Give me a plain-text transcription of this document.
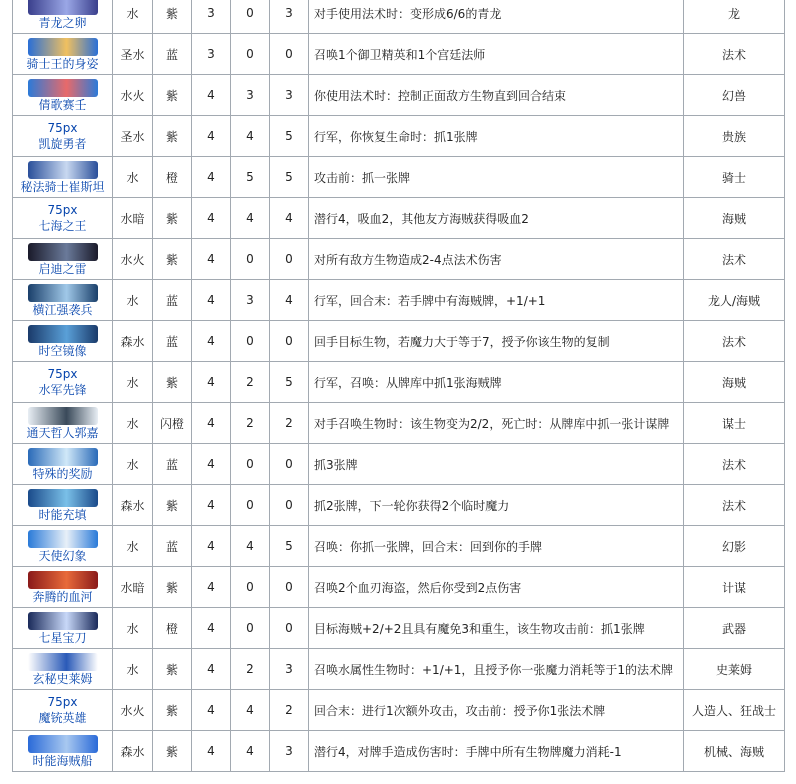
青龙之卵	水	紫	3	0	3	对手使用法术时：变形成6/6的青龙	龙

骑士王的身姿	圣水	蓝	3	0	0	召唤1个御卫精英和1个宫廷法师	法术

倩歌赛壬	水火	紫	4	3	3	你使用法术时：控制正面敌方生物直到回合结束	幻兽

75px
凯旋勇者	圣水	紫	4	4	5	行军，你恢复生命时：抓1张牌	贵族

秘法骑士崔斯坦	水	橙	4	5	5	攻击前：抓一张牌	骑士

75px
七海之王	水暗	紫	4	4	4	潜行4，吸血2，其他友方海贼获得吸血2	海贼

启迪之雷	水火	紫	4	0	0	对所有敌方生物造成2-4点法术伤害	法术

横江强袭兵	水	蓝	4	3	4	行军，回合末：若手牌中有海贼牌，+1/+1	龙人/海贼

时空镜像	森水	蓝	4	0	0	回手目标生物，若魔力大于等于7，授予你该生物的复制	法术

75px
水军先锋	水	紫	4	2	5	行军，召唤：从牌库中抓1张海贼牌	海贼

通天哲人郭嘉	水	闪橙	4	2	2	对手召唤生物时：该生物变为2/2，死亡时：从牌库中抓一张计谋牌	谋士

特殊的奖励	水	蓝	4	0	0	抓3张牌	法术

时能充填	森水	紫	4	0	0	抓2张牌，下一轮你获得2个临时魔力	法术

天使幻象	水	蓝	4	4	5	召唤：你抓一张牌，回合末：回到你的手牌	幻影

奔腾的血河	水暗	紫	4	0	0	召唤2个血刃海盗，然后你受到2点伤害	计谋

七星宝刀	水	橙	4	0	0	目标海贼+2/+2且具有魔免3和重生，该生物攻击前：抓1张牌	武器

玄秘史莱姆	水	紫	4	2	3	召唤水属性生物时：+1/+1，且授予你一张魔力消耗等于1的法术牌	史莱姆

75px
魔铳英雄	水火	紫	4	4	2	回合末：进行1次额外攻击，攻击前：授予你1张法术牌	人造人、狂战士

时能海贼船	森水	紫	4	4	3	潜行4，对牌手造成伤害时：手牌中所有生物牌魔力消耗-1	机械、海贼
